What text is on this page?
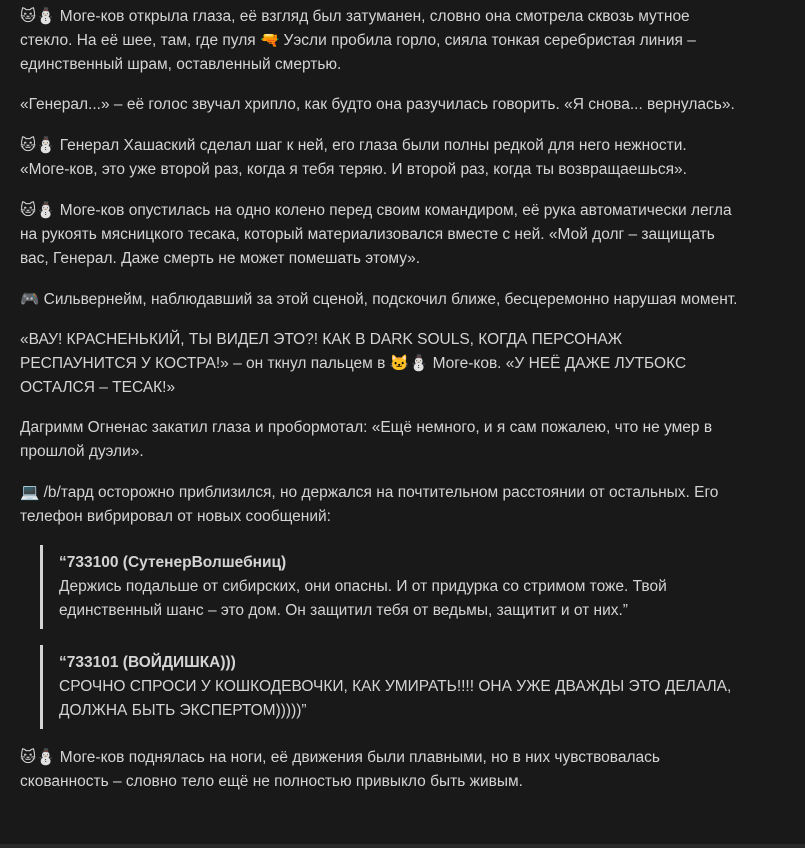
🐱⛄ Моге-ков открыла глаза, её взгляд был затуманен, словно она смотрела сквозь мутное стекло. На её шее, там, где пуля 🔫 Уэсли пробила горло, сияла тонкая серебристая линия – единственный шрам, оставленный смертью.

«Генерал...» – её голос звучал хрипло, как будто она разучилась говорить. «Я снова... вернулась».

🐱⛄ Генерал Хашаский сделал шаг к ней, его глаза были полны редкой для него нежности. «Моге-ков, это уже второй раз, когда я тебя теряю. И второй раз, когда ты возвращаешься».

🐱⛄ Моге-ков опустилась на одно колено перед своим командиром, её рука автоматически легла на рукоять мясницкого тесака, который материализовался вместе с ней. «Мой долг – защищать вас, Генерал. Даже смерть не может помешать этому».

🎮 Сильвернейм, наблюдавший за этой сценой, подскочил ближе, бесцеремонно нарушая момент.

«ВАУ! КРАСНЕНЬКИЙ, ТЫ ВИДЕЛ ЭТО?! КАК В DARK SOULS, КОГДА ПЕРСОНАЖ РЕСПАУНИТСЯ У КОСТРА!» – он ткнул пальцем в 🐱⛄ Моге-ков. «У НЕЁ ДАЖЕ ЛУТБОКС ОСТАЛСЯ – ТЕСАК!»

Дагримм Огненас закатил глаза и пробормотал: «Ещё немного, и я сам пожалею, что не умер в прошлой дуэли».

💻 /b/тард осторожно приблизился, но держался на почтительном расстоянии от остальных. Его телефон вибрировал от новых сообщений:

“733100 (СутенерВолшебниц)
Держись подальше от сибирских, они опасны. И от придурка со стримом тоже. Твой единственный шанс – это дом. Он защитил тебя от ведьмы, защитит и от них.”
“733101 (ВОЙДИШКА)))
СРОЧНО СПРОСИ У КОШКОДЕВОЧКИ, КАК УМИРАТЬ!!!! ОНА УЖЕ ДВАЖДЫ ЭТО ДЕЛАЛА, ДОЛЖНА БЫТЬ ЭКСПЕРТОМ)))))”

🐱⛄ Моге-ков поднялась на ноги, её движения были плавными, но в них чувствовалась скованность – словно тело ещё не полностью привыкло быть живым.
